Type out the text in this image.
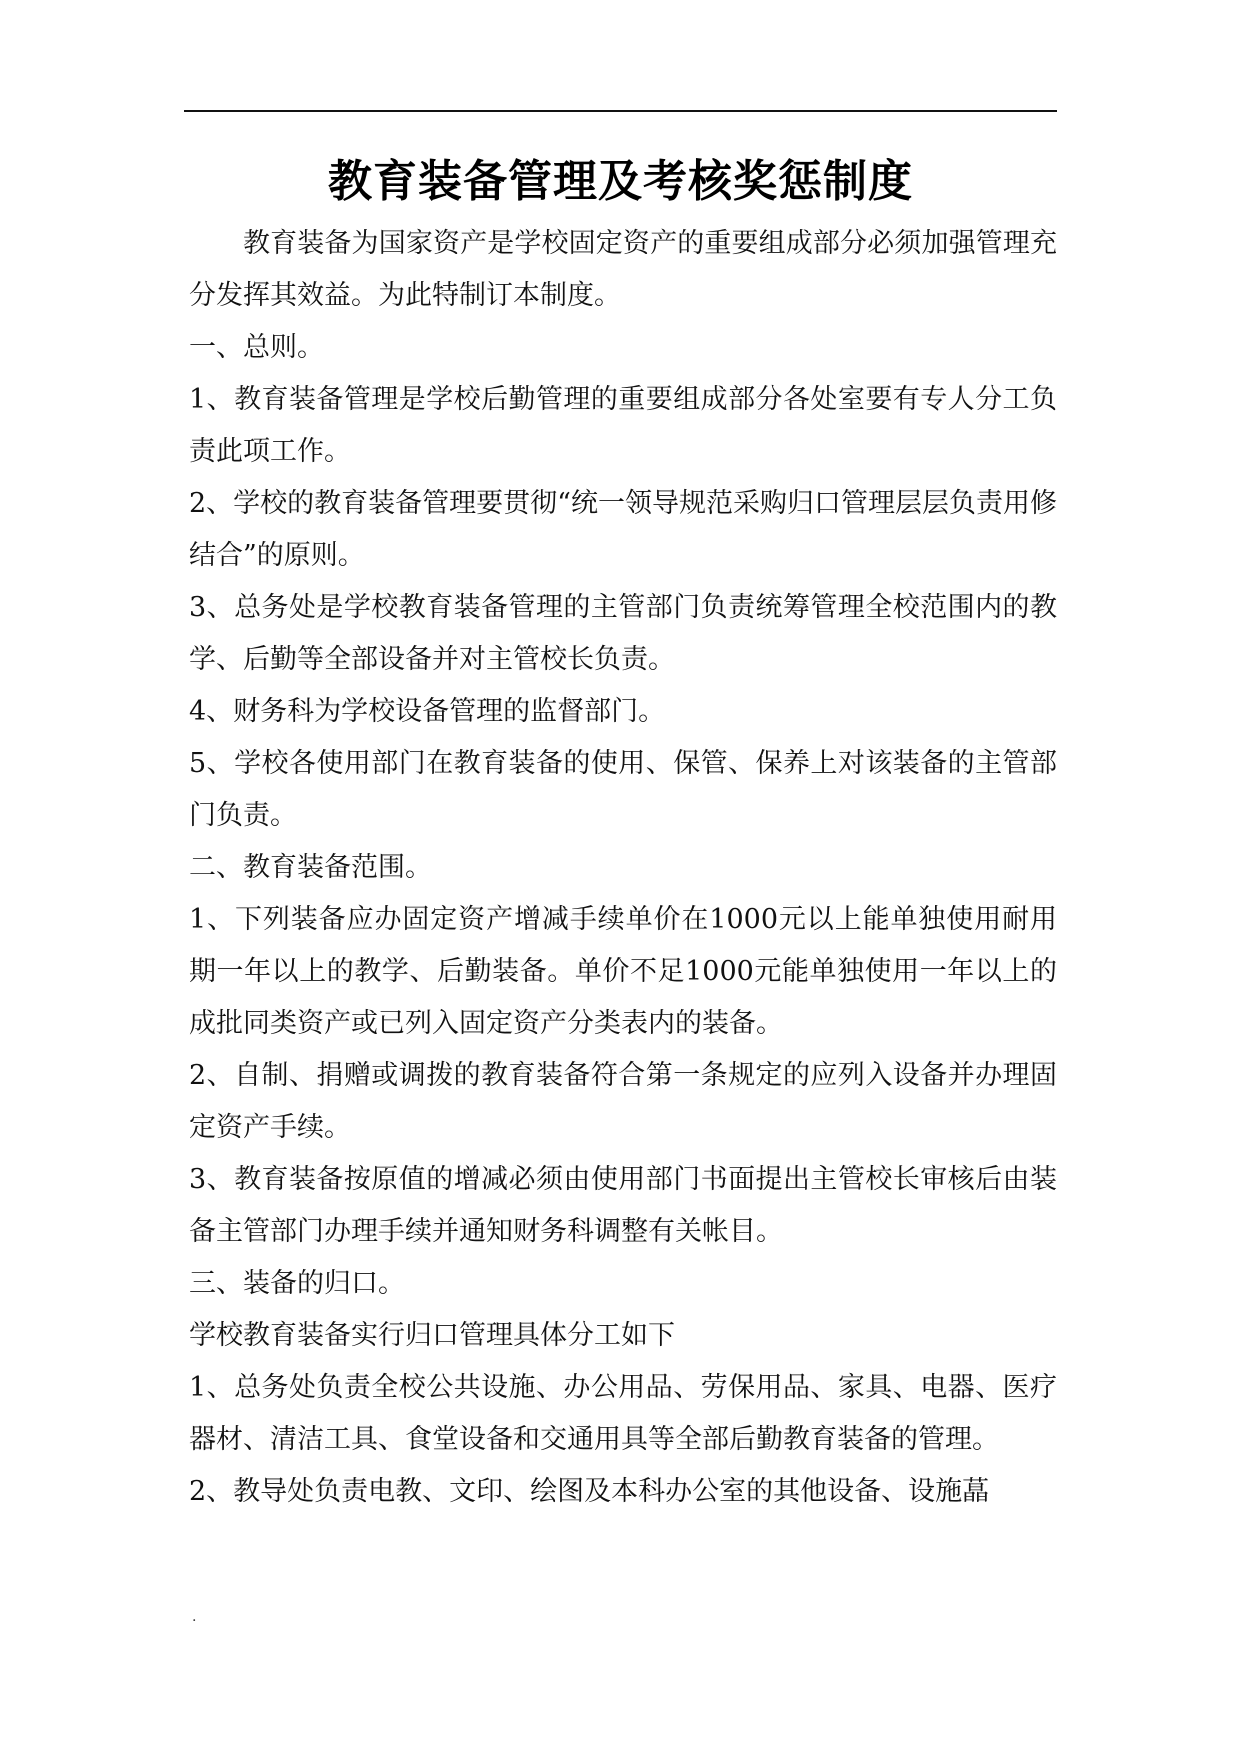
教育装备管理及考核奖惩制度

教育装备为国家资产是学校固定资产的重要组成部分必须加强管理充分发挥其效益。为此特制订本制度。

一、总则。

1、教育装备管理是学校后勤管理的重要组成部分各处室要有专人分工负责此项工作。

2、学校的教育装备管理要贯彻“统一领导规范采购归口管理层层负责用修结合”的原则。

3、总务处是学校教育装备管理的主管部门负责统筹管理全校范围内的教学、后勤等全部设备并对主管校长负责。

4、财务科为学校设备管理的监督部门。

5、学校各使用部门在教育装备的使用、保管、保养上对该装备的主管部门负责。

二、教育装备范围。

1、下列装备应办固定资产增减手续单价在1000元以上能单独使用耐用期一年以上的教学、后勤装备。单价不足1000元能单独使用一年以上的成批同类资产或已列入固定资产分类表内的装备。

2、自制、捐赠或调拨的教育装备符合第一条规定的应列入设备并办理固定资产手续。

3、教育装备按原值的增减必须由使用部门书面提出主管校长审核后由装备主管部门办理手续并通知财务科调整有关帐目。

三、装备的归口。

学校教育装备实行归口管理具体分工如下

1、总务处负责全校公共设施、办公用品、劳保用品、家具、电器、医疗器材、清洁工具、食堂设备和交通用具等全部后勤教育装备的管理。

2、教导处负责电教、文印、绘图及本科办公室的其他设备、设施蕌

.
